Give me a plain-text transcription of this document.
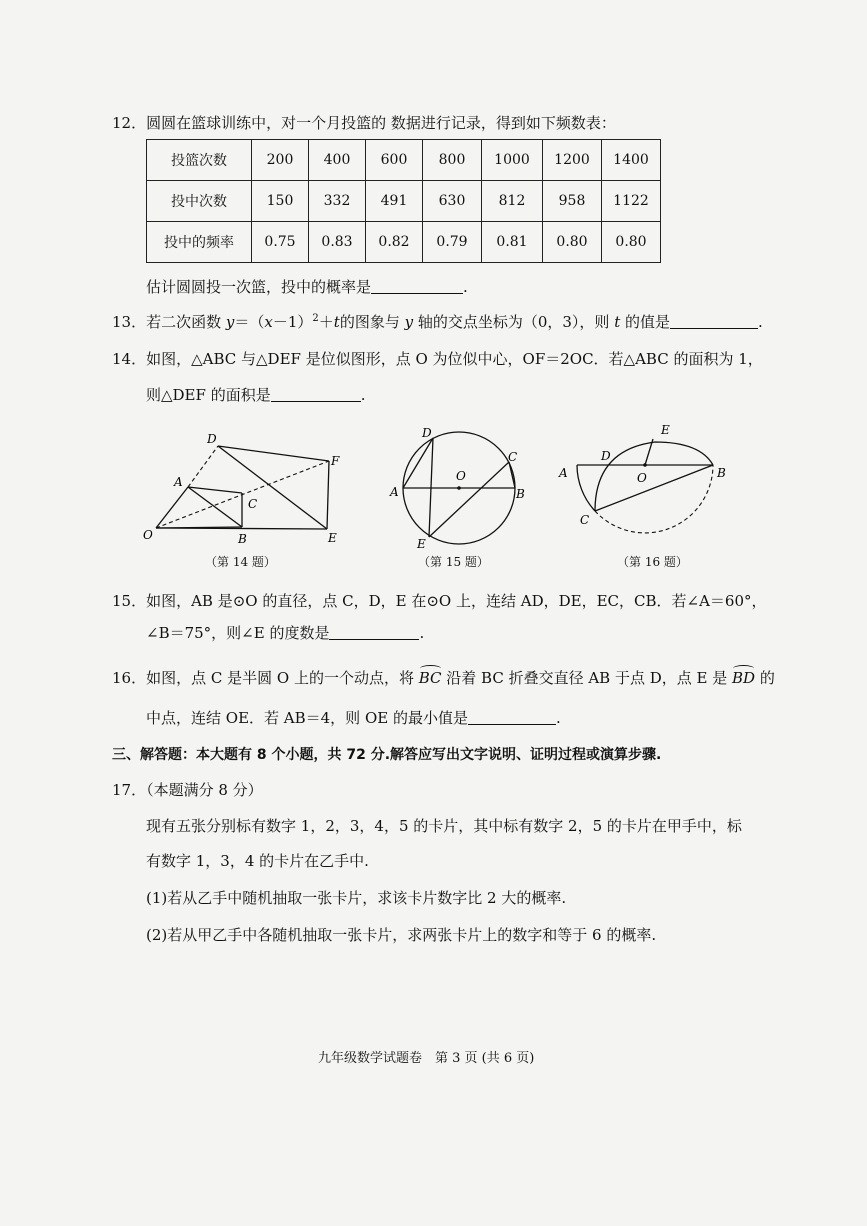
12．圆圆在篮球训练中，对一个月投篮的 数据进行记录，得到如下频数表：
投篮次数	200	400	600	800	1000	1200	1400
投中次数	150	332	491	630	812	958	1122
投中的频率	0.75	0.83	0.82	0.79	0.81	0.80	0.80
估计圆圆投一次篮，投中的概率是	.
13．若二次函数 $y=(x-1)^2+t$的图象与 y 轴的交点坐标为（0，3），则 t 的值是	.
14．如图，△ABC 与△DEF 是位似图形，点 O 为位似中心，OF＝2OC．若△ABC 的面积为 1，
则△DEF 的面积是	.
D
F
A
C
O	B	E
（第 14 题）
D
C
O
A	B
E
（第 15 题）
E
D
A	B
O
C
（第 16 题）
15．如图，AB 是⊙O 的直径，点 C，D，E 在⊙O 上，连结 AD，DE，EC，CB．若∠A＝60°，
∠B＝75°，则∠E 的度数是	.
16．如图，点 C 是半圆 O 上的一个动点，将 BC 沿着 BC 折叠交直径 AB 于点 D，点 E 是 BD 的
中点，连结 OE．若 AB＝4，则 OE 的最小值是	.
三、解答题：本大题有 8 个小题，共 72 分.解答应写出文字说明、证明过程或演算步骤.
17．（本题满分 8 分）
现有五张分别标有数字 1，2，3，4，5 的卡片，其中标有数字 2，5 的卡片在甲手中，标
有数字 1，3，4 的卡片在乙手中.
(1)若从乙手中随机抽取一张卡片，求该卡片数字比 2 大的概率.
(2)若从甲乙手中各随机抽取一张卡片，求两张卡片上的数字和等于 6 的概率.
九年级数学试题卷　第 3 页 (共 6 页)
